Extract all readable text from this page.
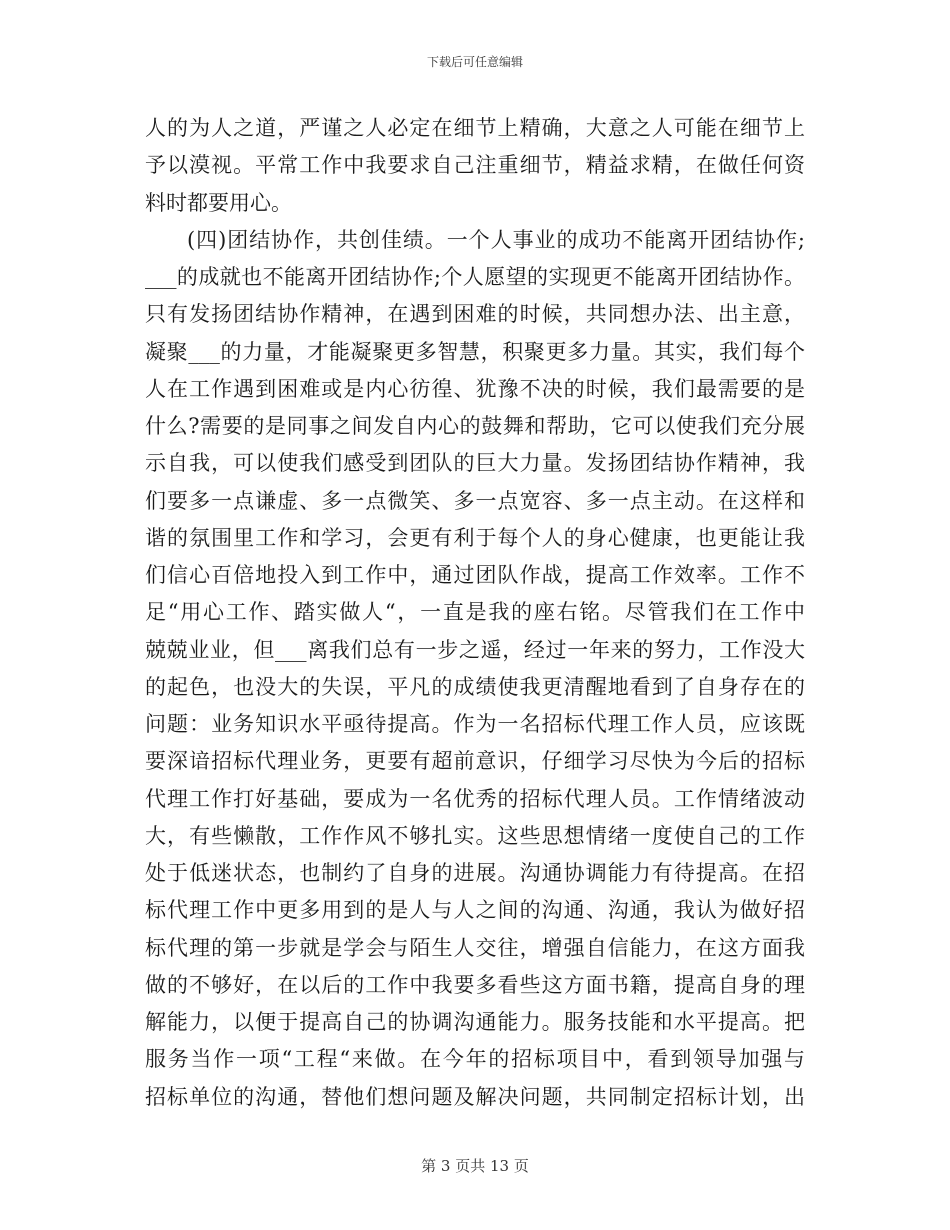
下载后可任意编辑
人的为人之道，严谨之人必定在细节上精确，大意之人可能在细节上
予以漠视。平常工作中我要求自己注重细节，精益求精，在做任何资
料时都要用心。
(四)团结协作，共创佳绩。一个人事业的成功不能离开团结协作;
___的成就也不能离开团结协作;个人愿望的实现更不能离开团结协作。
只有发扬团结协作精神，在遇到困难的时候，共同想办法、出主意，
凝聚___的力量，才能凝聚更多智慧，积聚更多力量。其实，我们每个
人在工作遇到困难或是内心彷徨、犹豫不决的时候，我们最需要的是
什么?需要的是同事之间发自内心的鼓舞和帮助，它可以使我们充分展
示自我，可以使我们感受到团队的巨大力量。发扬团结协作精神，我
们要多一点谦虚、多一点微笑、多一点宽容、多一点主动。在这样和
谐的氛围里工作和学习，会更有利于每个人的身心健康，也更能让我
们信心百倍地投入到工作中，通过团队作战，提高工作效率。工作不
足“用心工作、踏实做人“，一直是我的座右铭。尽管我们在工作中
兢兢业业，但___离我们总有一步之遥，经过一年来的努力，工作没大
的起色，也没大的失误，平凡的成绩使我更清醒地看到了自身存在的
问题：业务知识水平亟待提高。作为一名招标代理工作人员，应该既
要深谙招标代理业务，更要有超前意识，仔细学习尽快为今后的招标
代理工作打好基础，要成为一名优秀的招标代理人员。工作情绪波动
大，有些懒散，工作作风不够扎实。这些思想情绪一度使自己的工作
处于低迷状态，也制约了自身的进展。沟通协调能力有待提高。在招
标代理工作中更多用到的是人与人之间的沟通、沟通，我认为做好招
标代理的第一步就是学会与陌生人交往，增强自信能力，在这方面我
做的不够好，在以后的工作中我要多看些这方面书籍，提高自身的理
解能力，以便于提高自己的协调沟通能力。服务技能和水平提高。把
服务当作一项“工程“来做。在今年的招标项目中，看到领导加强与
招标单位的沟通，替他们想问题及解决问题，共同制定招标计划，出
第 3 页共 13 页
